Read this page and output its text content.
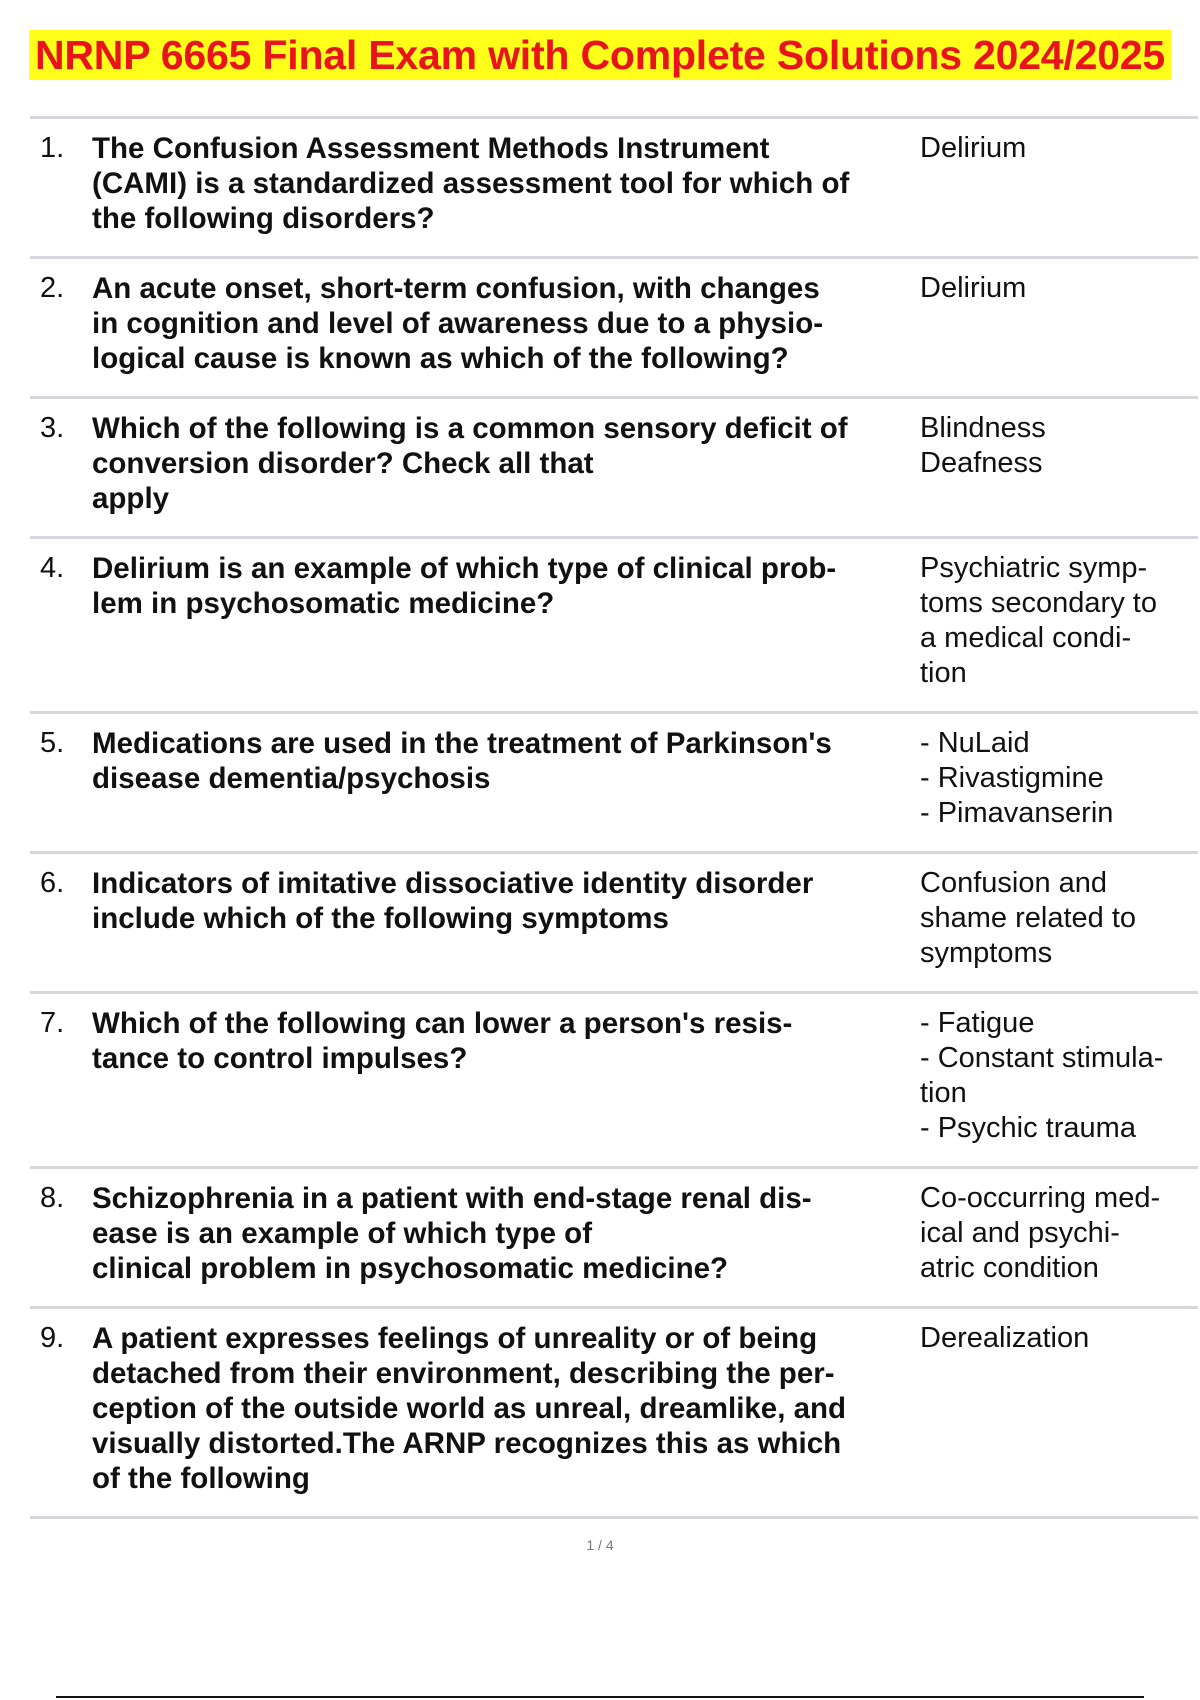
NRNP 6665 Final Exam with Complete Solutions 2024/2025
1. The Confusion Assessment Methods Instrument
(CAMI) is a standardized assessment tool for which of
the following disorders?
Delirium
2. An acute onset, short-term confusion, with changes
in cognition and level of awareness due to a physio-
logical cause is known as which of the following?
Delirium
3. Which of the following is a common sensory deficit of
conversion disorder? Check all that
apply
Blindness
Deafness
4. Delirium is an example of which type of clinical prob-
lem in psychosomatic medicine?
Psychiatric symp-
toms secondary to
a medical condi-
tion
5. Medications are used in the treatment of Parkinson's
disease dementia/psychosis
- NuLaid
- Rivastigmine
- Pimavanserin
6. Indicators of imitative dissociative identity disorder
include which of the following symptoms
Confusion and
shame related to
symptoms
7. Which of the following can lower a person's resis-
tance to control impulses?
- Fatigue
- Constant stimula-
tion
- Psychic trauma
8. Schizophrenia in a patient with end-stage renal dis-
ease is an example of which type of
clinical problem in psychosomatic medicine?
Co-occurring med-
ical and psychi-
atric condition
9. A patient expresses feelings of unreality or of being
detached from their environment, describing the per-
ception of the outside world as unreal, dreamlike, and
visually distorted.The ARNP recognizes this as which
of the following
Derealization
1 / 4
